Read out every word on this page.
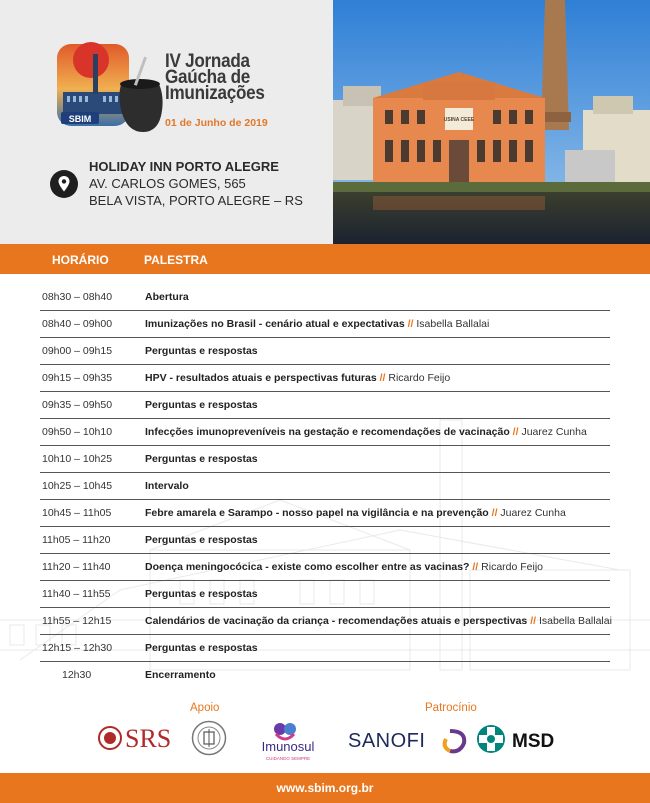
SBIM
IV Jornada
Gaúcha de
Imunizações
01 de Junho de 2019
HOLIDAY INN PORTO ALEGRE
AV. CARLOS GOMES, 565
BELA VISTA, PORTO ALEGRE – RS
USINA CEEE
HORÁRIO	PALESTRA
08h30 – 08h40	Abertura
08h40 – 09h00	Imunizações no Brasil - cenário atual e expectativas // Isabella Ballalai
09h00 – 09h15	Perguntas e respostas
09h15 – 09h35	HPV - resultados atuais e perspectivas futuras // Ricardo Feijo
09h35 – 09h50	Perguntas e respostas
09h50 – 10h10	Infecções imunopreveníveis na gestação e recomendações de vacinação // Juarez Cunha
10h10 – 10h25	Perguntas e respostas
10h25 – 10h45	Intervalo
10h45 – 11h05	Febre amarela e Sarampo - nosso papel na vigilância e na prevenção // Juarez Cunha
11h05 – 11h20	Perguntas e respostas
11h20 – 11h40	Doença meningocócica - existe como escolher entre as vacinas? // Ricardo Feijo
11h40 – 11h55	Perguntas e respostas
11h55 – 12h15	Calendários de vacinação da criança - recomendações atuais e perspectivas // Isabella Ballalai
12h15 – 12h30	Perguntas e respostas
12h30	Encerramento
Apoio	Patrocínio
SRS	Imunosul
CUIDANDO SEMPRE
SANOFI	MSD
www.sbim.org.br
